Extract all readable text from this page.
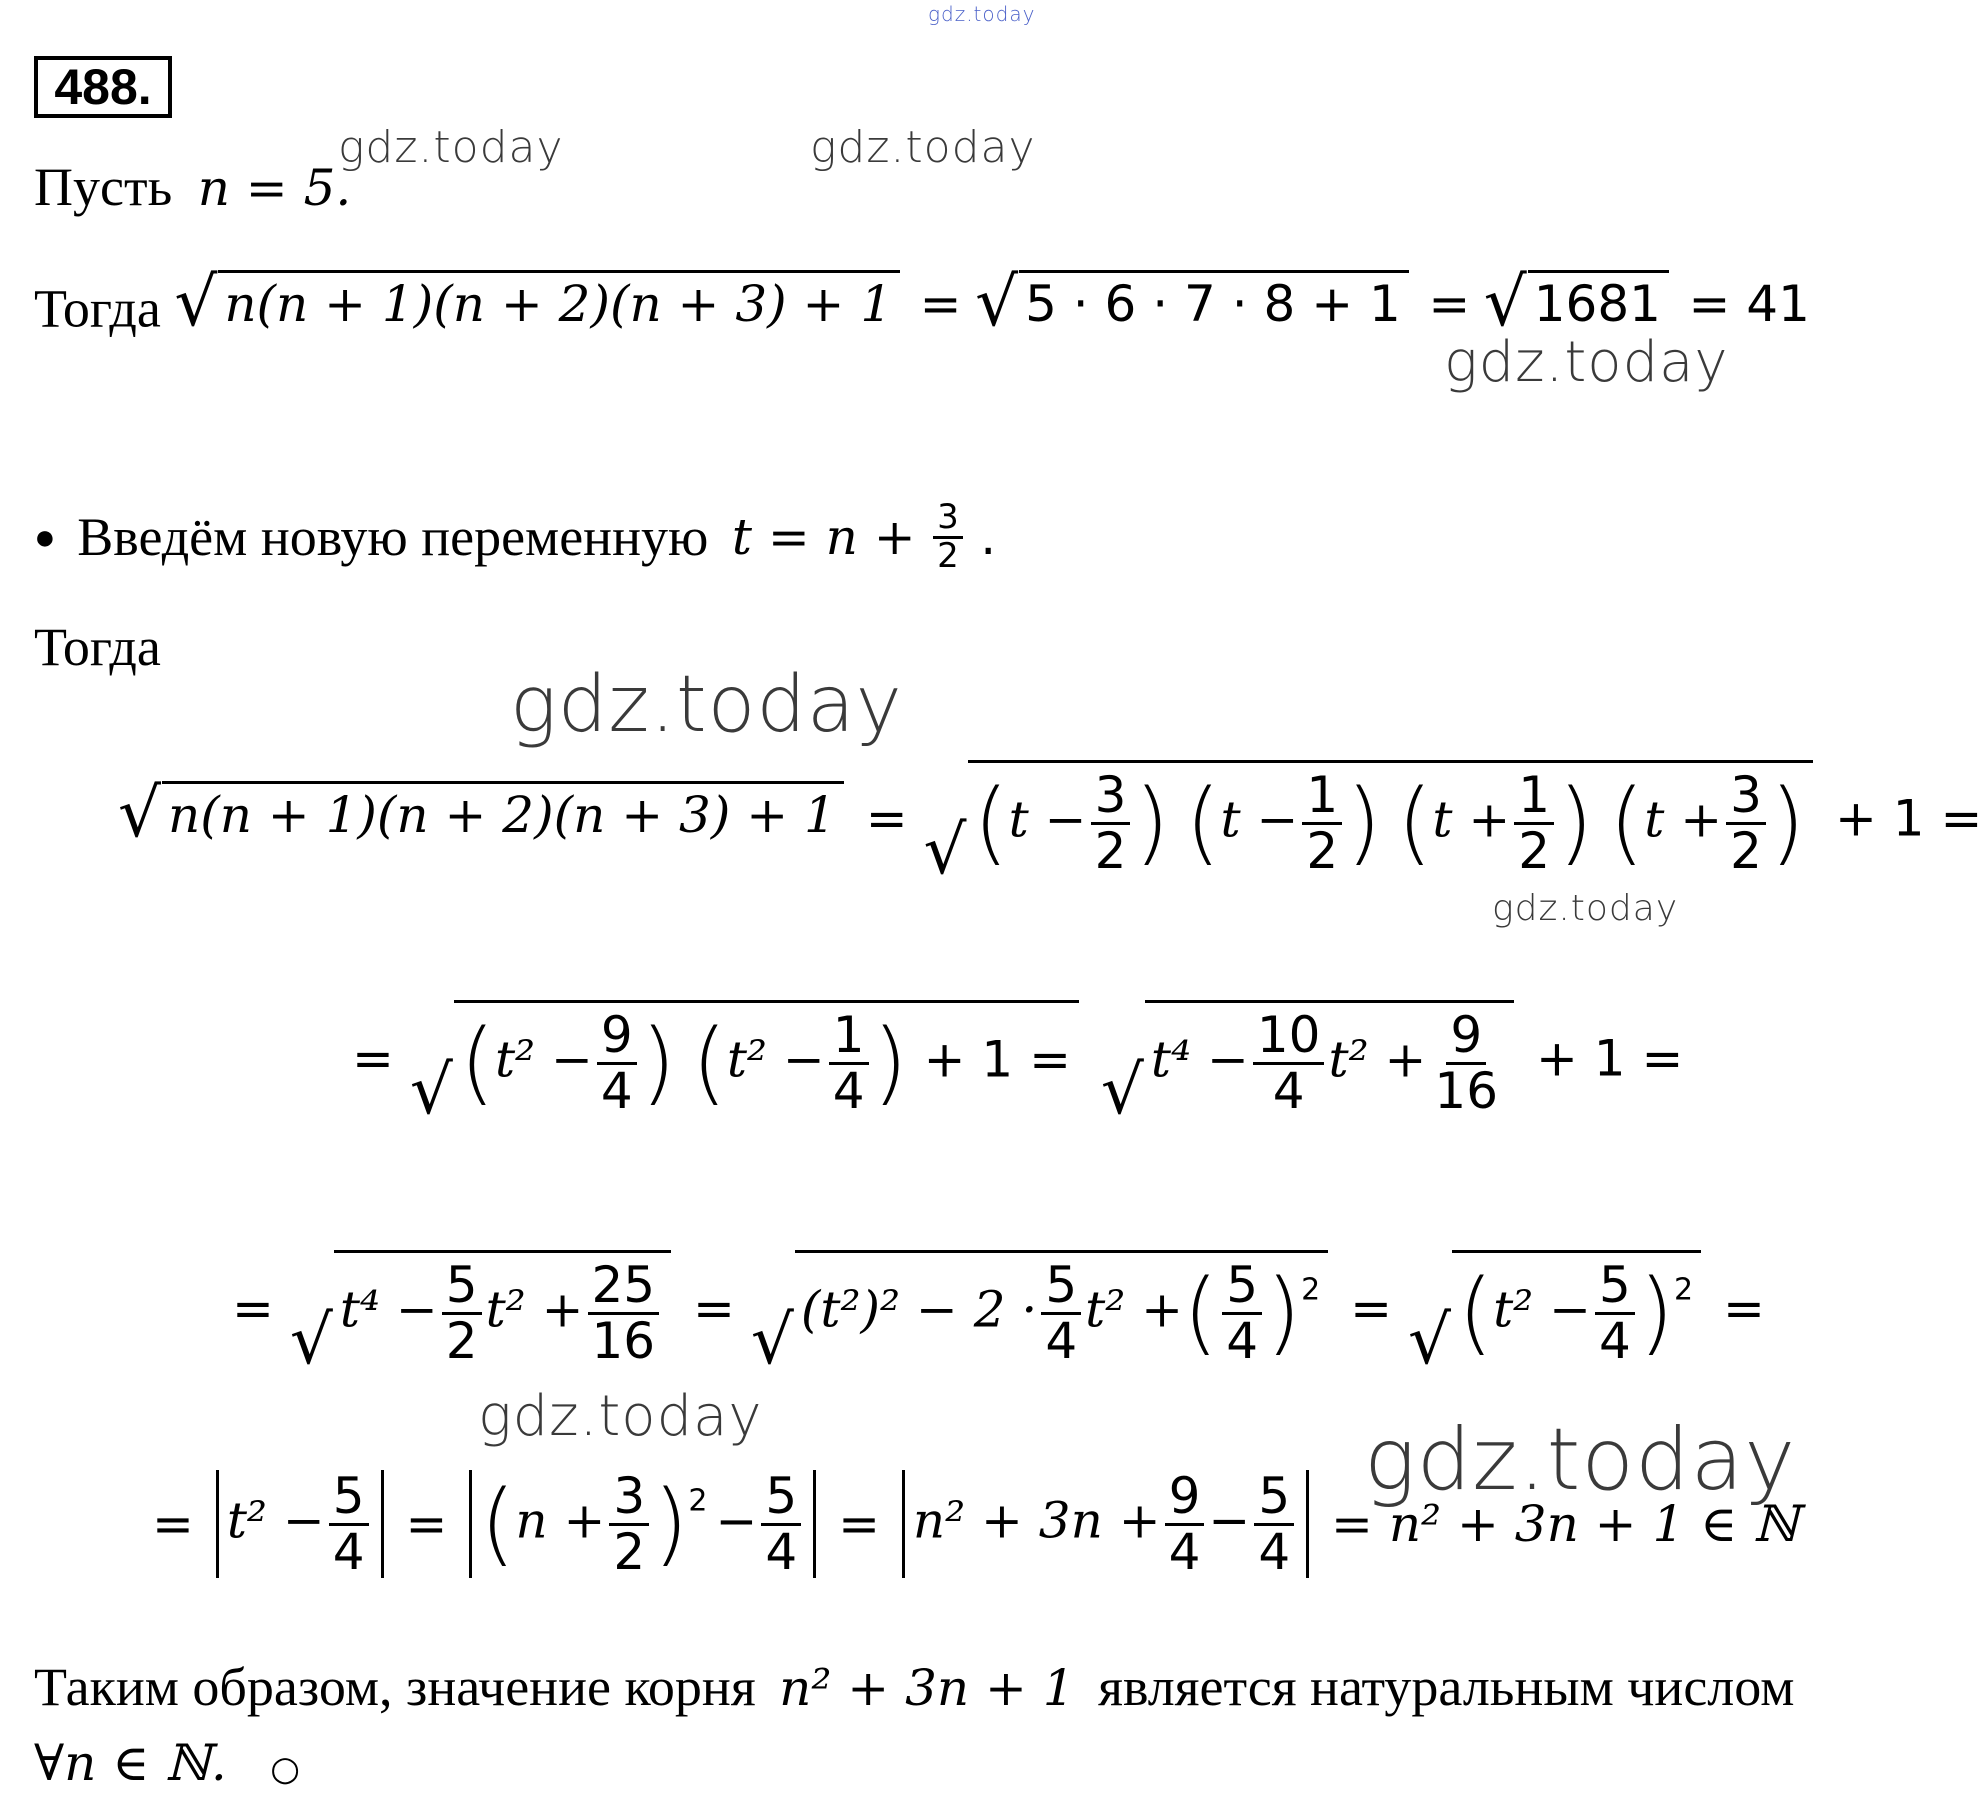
gdz.today
gdz.today	gdz.today
gdz.today
gdz.today
gdz.today
gdz.today	gdz.today
488.
Пусть n = 5.
Тогда √ n(n + 1)(n + 2)(n + 3) + 1 = √ 5 · 6 · 7 · 8 + 1 = √ 1681 = 41
● Введём новую переменную $t = n + \frac{3}{2}$ .
Тогда
√ n(n + 1)(n + 2)(n + 3) + 1 = √ ($t - \frac{3}{2}$ ) ($t - \frac{1}{2}$ ) ($t + \frac{1}{2}$ ) ($t + \frac{3}{2}$ ) + 1 =
= √ ($t^2 - \frac{9}{4}$ ) ($t^2 - \frac{1}{4}$ ) + 1 = √ $t^4 - \frac{10}{4} t^2 + \frac{9}{16} + 1$ =
= √ $t^4 - \frac{5}{2} t^2 + \frac{25}{16}$ = √ $(t^2)^2 - 2 \cdot \frac{5}{4} t^2$ +( $\frac{5}{4} )^2$ = √ $(t^2 - \frac{5}{4} )^2$ =
= $t^2 - \frac{5}{4} = (n + \frac{3}{2} )^2 - \frac{5}{4} = n^2 + 3n + \frac{9}{4} - \frac{5}{4} = n^2 + 3n + 1$ ∈ ℕ
Таким образом, значение корня n² + 3n + 1 является натуральным числом
∀n ∈ ℕ. ○
